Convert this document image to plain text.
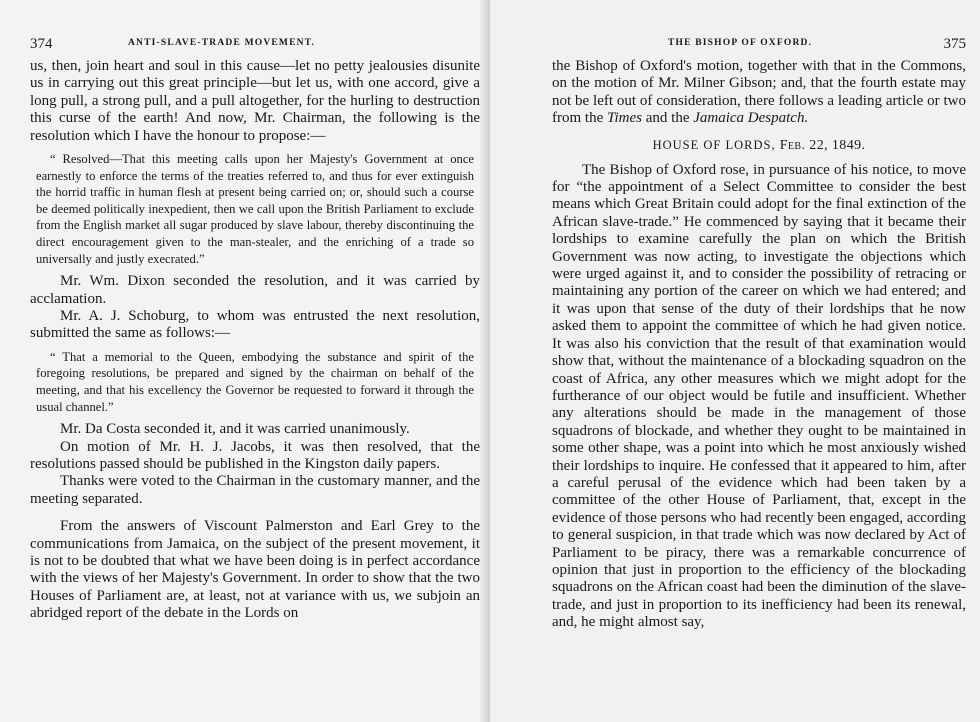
374	ANTI-SLAVE-TRADE MOVEMENT.

us, then, join heart and soul in this cause—let no petty jealousies disunite us in carrying out this great principle—but let us, with one accord, give a long pull, a strong pull, and a pull altogether, for the hurling to destruction this curse of the earth! And now, Mr. Chairman, the following is the resolution which I have the honour to propose:—

“ Resolved—That this meeting calls upon her Majesty's Government at once earnestly to enforce the terms of the treaties referred to, and thus for ever extinguish the horrid traffic in human flesh at present being carried on; or, should such a course be deemed politically inexpedient, then we call upon the British Parliament to exclude from the English market all sugar produced by slave labour, thereby discontinuing the direct encouragement given to the man-stealer, and the enriching of a trade so universally and justly execrated.”

Mr. Wm. Dixon seconded the resolution, and it was carried by acclamation.

Mr. A. J. Schoburg, to whom was entrusted the next resolution, submitted the same as follows:—

“ That a memorial to the Queen, embodying the substance and spirit of the foregoing resolutions, be prepared and signed by the chairman on behalf of the meeting, and that his excellency the Governor be requested to forward it through the usual channel.”

Mr. Da Costa seconded it, and it was carried unanimously.

On motion of Mr. H. J. Jacobs, it was then resolved, that the resolutions passed should be published in the Kingston daily papers.

Thanks were voted to the Chairman in the customary manner, and the meeting separated.

From the answers of Viscount Palmerston and Earl Grey to the communications from Jamaica, on the subject of the present movement, it is not to be doubted that what we have been doing is in perfect accordance with the views of her Majesty's Government. In order to show that the two Houses of Parliament are, at least, not at variance with us, we subjoin an abridged report of the debate in the Lords on

THE BISHOP OF OXFORD.	375

the Bishop of Oxford's motion, together with that in the Commons, on the motion of Mr. Milner Gibson; and, that the fourth estate may not be left out of consideration, there follows a leading article or two from the Times and the Jamaica Despatch.

HOUSE OF LORDS, Feb. 22, 1849.

The Bishop of Oxford rose, in pursuance of his notice, to move for “the appointment of a Select Committee to consider the best means which Great Britain could adopt for the final extinction of the African slave-trade.” He commenced by saying that it became their lordships to examine carefully the plan on which the British Government was now acting, to investigate the objections which were urged against it, and to consider the possibility of retracing or maintaining any portion of the career on which we had entered; and it was upon that sense of the duty of their lordships that he now asked them to appoint the committee of which he had given notice. It was also his conviction that the result of that examination would show that, without the maintenance of a blockading squadron on the coast of Africa, any other measures which we might adopt for the furtherance of our object would be futile and insufficient. Whether any alterations should be made in the management of those squadrons of blockade, and whether they ought to be maintained in some other shape, was a point into which he most anxiously wished their lordships to inquire. He confessed that it appeared to him, after a careful perusal of the evidence which had been taken by a committee of the other House of Parliament, that, except in the evidence of those persons who had recently been engaged, according to general suspicion, in that trade which was now declared by Act of Parliament to be piracy, there was a remarkable concurrence of opinion that just in proportion to the efficiency of the blockading squadrons on the African coast had been the diminution of the slave-trade, and just in proportion to its inefficiency had been its renewal, and, he might almost say,
